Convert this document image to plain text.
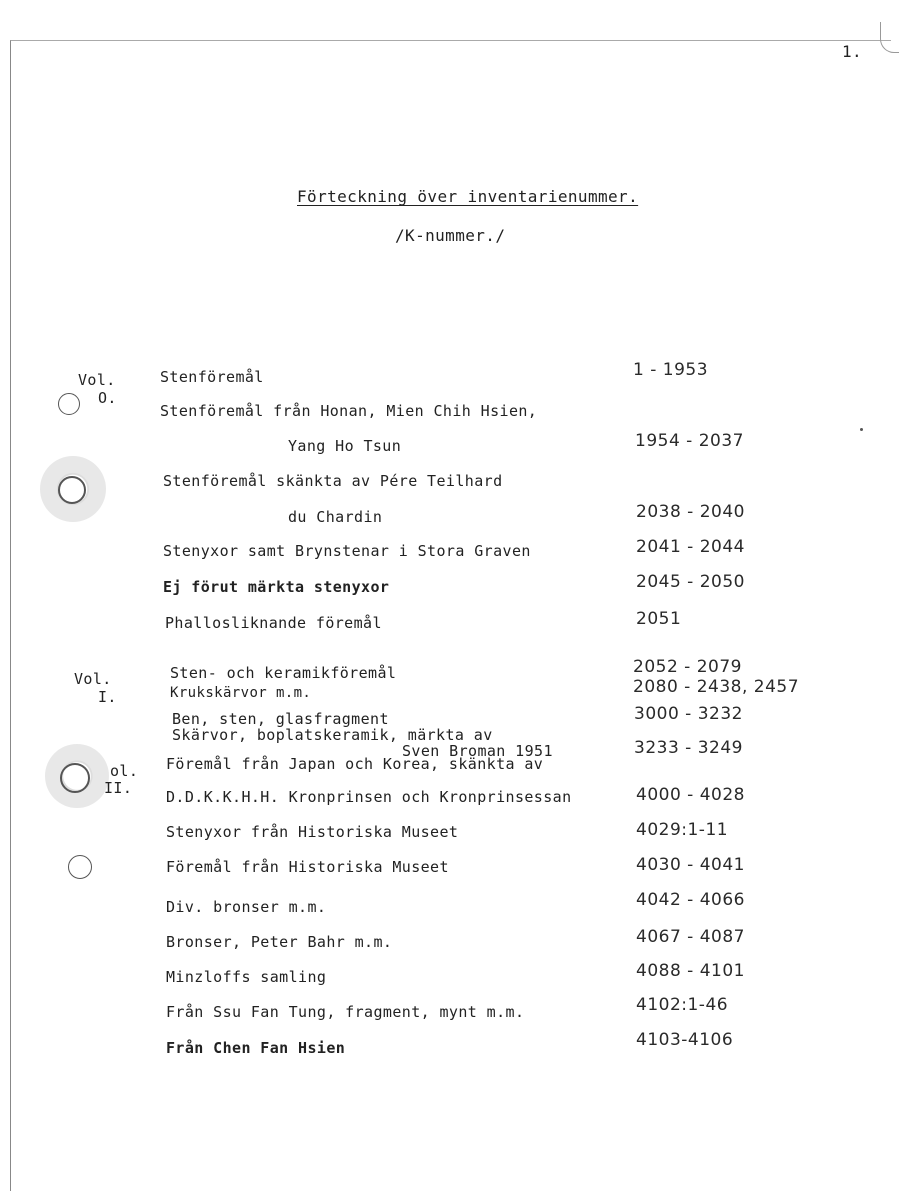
1.
Förteckning över inventarienummer.
/K-nummer./
Vol.
O.
Vol.
I.
ol.
II.
Stenföremål
Stenföremål från Honan, Mien Chih Hsien,
Yang Ho Tsun
Stenföremål skänkta av Pére Teilhard
du Chardin
Stenyxor samt Brynstenar i Stora Graven
Ej förut märkta stenyxor
Phallosliknande föremål
Sten- och keramikföremål
Krukskärvor m.m.
Ben, sten, glasfragment
Skärvor, boplatskeramik, märkta av
Sven Broman 1951
Föremål från Japan och Korea, skänkta av
D.D.K.K.H.H. Kronprinsen och Kronprinsessan
Stenyxor från Historiska Museet
Föremål från Historiska Museet
Div. bronser m.m.
Bronser, Peter Bahr m.m.
Minzloffs samling
Från Ssu Fan Tung, fragment, mynt m.m.
Från Chen Fan Hsien
1 - 1953
1954 - 2037
2038 - 2040
2041 - 2044
2045 - 2050
2051
2052 - 2079
2080 - 2438, 2457
3000 - 3232
3233 - 3249
4000 - 4028
4029:1-11
4030 - 4041
4042 - 4066
4067 - 4087
4088 - 4101
4102:1-46
4103-4106
